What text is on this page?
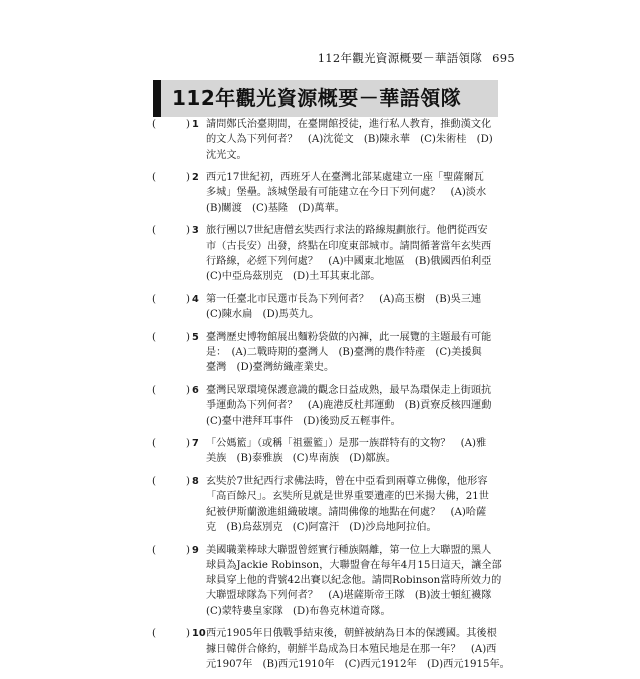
112年觀光資源概要－華語領隊 695
112年觀光資源概要－華語領隊
(	) 1 請問鄭氏治臺期間，在臺開館授徒，進行私人教育，推動漢文化
的文人為下列何者？　(A)沈從文　(B)陳永華　(C)朱術桂　(D)
沈光文。
(	) 2 西元17世紀初，西班牙人在臺灣北部某處建立一座「聖薩爾瓦
多城」堡壘。該城堡最有可能建立在今日下列何處？　(A)淡水
(B)關渡　(C)基隆　(D)萬華。
(	) 3 旅行團以7世紀唐僧玄奘西行求法的路線規劃旅行。他們從西安
市（古長安）出發，終點在印度東部城市。請問循著當年玄奘西
行路線，必經下列何處？　(A)中國東北地區　(B)俄國西伯利亞
(C)中亞烏茲別克　(D)土耳其東北部。
(	) 4 第一任臺北市民選市長為下列何者？　(A)高玉樹　(B)吳三連
(C)陳水扁　(D)馬英九。
(	) 5 臺灣歷史博物館展出麵粉袋做的內褲，此一展覽的主題最有可能
是：　(A)二戰時期的臺灣人　(B)臺灣的農作特產　(C)美援與
臺灣　(D)臺灣紡織產業史。
(	) 6 臺灣民眾環境保護意識的觀念日益成熟，最早為環保走上街頭抗
爭運動為下列何者？　(A)鹿港反杜邦運動　(B)貢寮反核四運動
(C)臺中港拜耳事件　(D)後勁反五輕事件。
(	) 7 「公媽籃」（或稱「祖靈籃」）是那一族群特有的文物？　(A)雅
美族　(B)泰雅族　(C)卑南族　(D)鄒族。
(	) 8 玄奘於7世紀西行求佛法時，曾在中亞看到兩尊立佛像，他形容
「高百餘尺」。玄奘所見就是世界重要遺產的巴米揚大佛，21世
紀被伊斯蘭激進組織破壞。請問佛像的地點在何處？　(A)哈薩
克　(B)烏茲別克　(C)阿富汗　(D)沙烏地阿拉伯。
(	) 9 美國職業棒球大聯盟曾經實行種族隔離，第一位上大聯盟的黑人
球員為Jackie Robinson，大聯盟會在每年4月15日這天，讓全部
球員穿上他的背號42出賽以紀念他。請問Robinson當時所效力的
大聯盟球隊為下列何者？　(A)堪薩斯帝王隊　(B)波士頓紅襪隊
(C)蒙特婁皇家隊　(D)布魯克林道奇隊。
(	) 10 西元1905年日俄戰爭結束後，朝鮮被納為日本的保護國。其後根
據日韓併合條約，朝鮮半島成為日本殖民地是在那一年？　(A)西
元1907年　(B)西元1910年　(C)西元1912年　(D)西元1915年。
